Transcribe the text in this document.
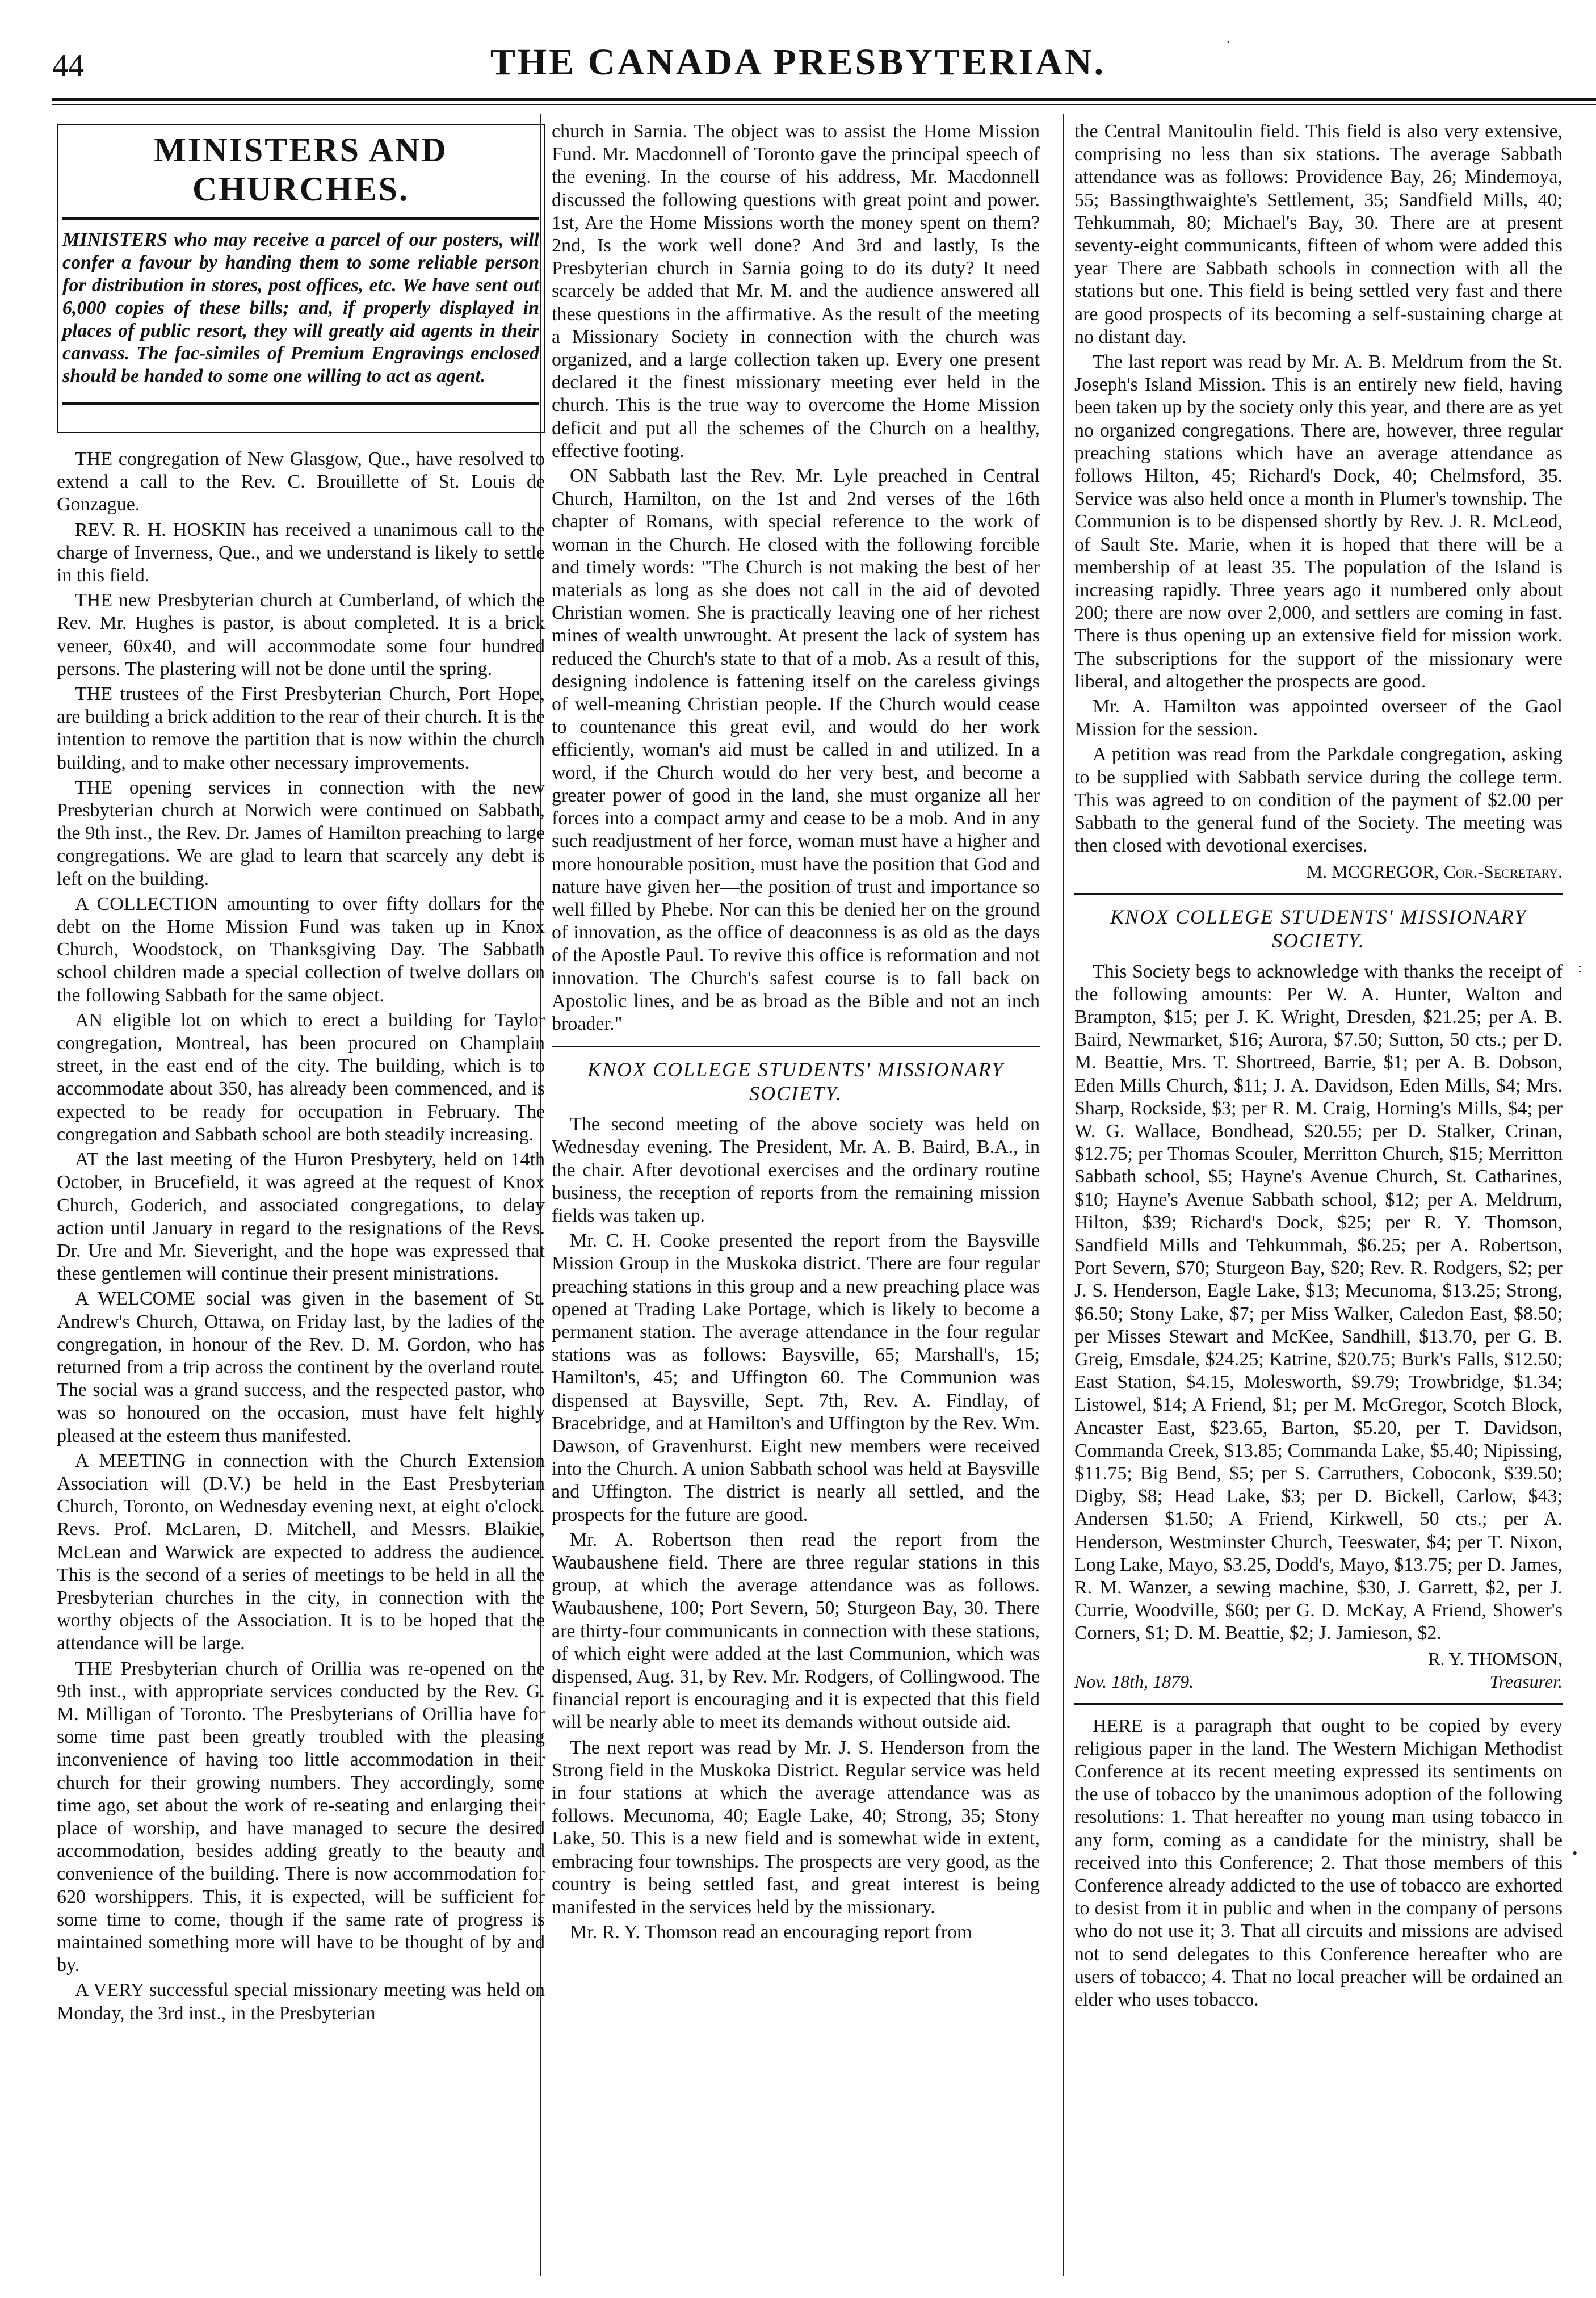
44	THE CANADA PRESBYTERIAN.
MINISTERS AND CHURCHES.
MINISTERS who may receive a parcel of our posters, will confer a favour by handing them to some reliable person for distribution in stores, post offices, etc. We have sent out 6,000 copies of these bills; and, if properly displayed in places of public resort, they will greatly aid agents in their canvass. The fac-similes of Premium Engravings enclosed should be handed to some one willing to act as agent.

THE congregation of New Glasgow, Que., have resolved to extend a call to the Rev. C. Brouillette of St. Louis de Gonzague.

REV. R. H. HOSKIN has received a unanimous call to the charge of Inverness, Que., and we understand is likely to settle in this field.

THE new Presbyterian church at Cumberland, of which the Rev. Mr. Hughes is pastor, is about completed. It is a brick veneer, 60x40, and will accommodate some four hundred persons. The plastering will not be done until the spring.

THE trustees of the First Presbyterian Church, Port Hope, are building a brick addition to the rear of their church. It is the intention to remove the partition that is now within the church building, and to make other necessary improvements.

THE opening services in connection with the new Presbyterian church at Norwich were continued on Sabbath, the 9th inst., the Rev. Dr. James of Hamilton preaching to large congregations. We are glad to learn that scarcely any debt is left on the building.

A COLLECTION amounting to over fifty dollars for the debt on the Home Mission Fund was taken up in Knox Church, Woodstock, on Thanksgiving Day. The Sabbath school children made a special collection of twelve dollars on the following Sabbath for the same object.

AN eligible lot on which to erect a building for Taylor congregation, Montreal, has been procured on Champlain street, in the east end of the city. The building, which is to accommodate about 350, has already been commenced, and is expected to be ready for occupation in February. The congregation and Sabbath school are both steadily increasing.

AT the last meeting of the Huron Presbytery, held on 14th October, in Brucefield, it was agreed at the request of Knox Church, Goderich, and associated congregations, to delay action until January in regard to the resignations of the Revs. Dr. Ure and Mr. Sieveright, and the hope was expressed that these gentlemen will continue their present ministrations.

A WELCOME social was given in the basement of St. Andrew's Church, Ottawa, on Friday last, by the ladies of the congregation, in honour of the Rev. D. M. Gordon, who has returned from a trip across the continent by the overland route. The social was a grand success, and the respected pastor, who was so honoured on the occasion, must have felt highly pleased at the esteem thus manifested.

A MEETING in connection with the Church Extension Association will (D.V.) be held in the East Presbyterian Church, Toronto, on Wednesday evening next, at eight o'clock. Revs. Prof. McLaren, D. Mitchell, and Messrs. Blaikie, McLean and Warwick are expected to address the audience. This is the second of a series of meetings to be held in all the Presbyterian churches in the city, in connection with the worthy objects of the Association. It is to be hoped that the attendance will be large.

THE Presbyterian church of Orillia was re-opened on the 9th inst., with appropriate services conducted by the Rev. G. M. Milligan of Toronto. The Presbyterians of Orillia have for some time past been greatly troubled with the pleasing inconvenience of having too little accommodation in their church for their growing numbers. They accordingly, some time ago, set about the work of re-seating and enlarging their place of worship, and have managed to secure the desired accommodation, besides adding greatly to the beauty and convenience of the building. There is now accommodation for 620 worshippers. This, it is expected, will be sufficient for some time to come, though if the same rate of progress is maintained something more will have to be thought of by and by.

A VERY successful special missionary meeting was held on Monday, the 3rd inst., in the Presbyterian

church in Sarnia. The object was to assist the Home Mission Fund. Mr. Macdonnell of Toronto gave the principal speech of the evening. In the course of his address, Mr. Macdonnell discussed the following questions with great point and power. 1st, Are the Home Missions worth the money spent on them? 2nd, Is the work well done? And 3rd and lastly, Is the Presbyterian church in Sarnia going to do its duty? It need scarcely be added that Mr. M. and the audience answered all these questions in the affirmative. As the result of the meeting a Missionary Society in connection with the church was organized, and a large collection taken up. Every one present declared it the finest missionary meeting ever held in the church. This is the true way to overcome the Home Mission deficit and put all the schemes of the Church on a healthy, effective footing.

ON Sabbath last the Rev. Mr. Lyle preached in Central Church, Hamilton, on the 1st and 2nd verses of the 16th chapter of Romans, with special reference to the work of woman in the Church. He closed with the following forcible and timely words: "The Church is not making the best of her materials as long as she does not call in the aid of devoted Christian women. She is practically leaving one of her richest mines of wealth unwrought. At present the lack of system has reduced the Church's state to that of a mob. As a result of this, designing indolence is fattening itself on the careless givings of well-meaning Christian people. If the Church would cease to countenance this great evil, and would do her work efficiently, woman's aid must be called in and utilized. In a word, if the Church would do her very best, and become a greater power of good in the land, she must organize all her forces into a compact army and cease to be a mob. And in any such readjustment of her force, woman must have a higher and more honourable position, must have the position that God and nature have given her—the position of trust and importance so well filled by Phebe. Nor can this be denied her on the ground of innovation, as the office of deaconness is as old as the days of the Apostle Paul. To revive this office is reformation and not innovation. The Church's safest course is to fall back on Apostolic lines, and be as broad as the Bible and not an inch broader."

KNOX COLLEGE STUDENTS' MISSIONARY SOCIETY.

The second meeting of the above society was held on Wednesday evening. The President, Mr. A. B. Baird, B.A., in the chair. After devotional exercises and the ordinary routine business, the reception of reports from the remaining mission fields was taken up.

Mr. C. H. Cooke presented the report from the Baysville Mission Group in the Muskoka district. There are four regular preaching stations in this group and a new preaching place was opened at Trading Lake Portage, which is likely to become a permanent station. The average attendance in the four regular stations was as follows: Baysville, 65; Marshall's, 15; Hamilton's, 45; and Uffington 60. The Communion was dispensed at Baysville, Sept. 7th, Rev. A. Findlay, of Bracebridge, and at Hamilton's and Uffington by the Rev. Wm. Dawson, of Gravenhurst. Eight new members were received into the Church. A union Sabbath school was held at Baysville and Uffington. The district is nearly all settled, and the prospects for the future are good.

Mr. A. Robertson then read the report from the Waubaushene field. There are three regular stations in this group, at which the average attendance was as follows. Waubaushene, 100; Port Severn, 50; Sturgeon Bay, 30. There are thirty-four communicants in connection with these stations, of which eight were added at the last Communion, which was dispensed, Aug. 31, by Rev. Mr. Rodgers, of Collingwood. The financial report is encouraging and it is expected that this field will be nearly able to meet its demands without outside aid.

The next report was read by Mr. J. S. Henderson from the Strong field in the Muskoka District. Regular service was held in four stations at which the average attendance was as follows. Mecunoma, 40; Eagle Lake, 40; Strong, 35; Stony Lake, 50. This is a new field and is somewhat wide in extent, embracing four townships. The prospects are very good, as the country is being settled fast, and great interest is being manifested in the services held by the missionary.

Mr. R. Y. Thomson read an encouraging report from

the Central Manitoulin field. This field is also very extensive, comprising no less than six stations. The average Sabbath attendance was as follows: Providence Bay, 26; Mindemoya, 55; Bassingthwaighte's Settlement, 35; Sandfield Mills, 40; Tehkummah, 80; Michael's Bay, 30. There are at present seventy-eight communicants, fifteen of whom were added this year There are Sabbath schools in connection with all the stations but one. This field is being settled very fast and there are good prospects of its becoming a self-sustaining charge at no distant day.

The last report was read by Mr. A. B. Meldrum from the St. Joseph's Island Mission. This is an entirely new field, having been taken up by the society only this year, and there are as yet no organized congregations. There are, however, three regular preaching stations which have an average attendance as follows Hilton, 45; Richard's Dock, 40; Chelmsford, 35. Service was also held once a month in Plumer's township. The Communion is to be dispensed shortly by Rev. J. R. McLeod, of Sault Ste. Marie, when it is hoped that there will be a membership of at least 35. The population of the Island is increasing rapidly. Three years ago it numbered only about 200; there are now over 2,000, and settlers are coming in fast. There is thus opening up an extensive field for mission work. The subscriptions for the support of the missionary were liberal, and altogether the prospects are good.

Mr. A. Hamilton was appointed overseer of the Gaol Mission for the session.

A petition was read from the Parkdale congregation, asking to be supplied with Sabbath service during the college term. This was agreed to on condition of the payment of $2.00 per Sabbath to the general fund of the Society. The meeting was then closed with devotional exercises.

M. MCGREGOR, Cor.-Secretary.
KNOX COLLEGE STUDENTS' MISSIONARY SOCIETY.

This Society begs to acknowledge with thanks the receipt of the following amounts: Per W. A. Hunter, Walton and Brampton, $15; per J. K. Wright, Dresden, $21.25; per A. B. Baird, Newmarket, $16; Aurora, $7.50; Sutton, 50 cts.; per D. M. Beattie, Mrs. T. Shortreed, Barrie, $1; per A. B. Dobson, Eden Mills Church, $11; J. A. Davidson, Eden Mills, $4; Mrs. Sharp, Rockside, $3; per R. M. Craig, Horning's Mills, $4; per W. G. Wallace, Bondhead, $20.55; per D. Stalker, Crinan, $12.75; per Thomas Scouler, Merritton Church, $15; Merritton Sabbath school, $5; Hayne's Avenue Church, St. Catharines, $10; Hayne's Avenue Sabbath school, $12; per A. Meldrum, Hilton, $39; Richard's Dock, $25; per R. Y. Thomson, Sandfield Mills and Tehkummah, $6.25; per A. Robertson, Port Severn, $70; Sturgeon Bay, $20; Rev. R. Rodgers, $2; per J. S. Henderson, Eagle Lake, $13; Mecunoma, $13.25; Strong, $6.50; Stony Lake, $7; per Miss Walker, Caledon East, $8.50; per Misses Stewart and McKee, Sandhill, $13.70, per G. B. Greig, Emsdale, $24.25; Katrine, $20.75; Burk's Falls, $12.50; East Station, $4.15, Molesworth, $9.79; Trowbridge, $1.34; Listowel, $14; A Friend, $1; per M. McGregor, Scotch Block, Ancaster East, $23.65, Barton, $5.20, per T. Davidson, Commanda Creek, $13.85; Commanda Lake, $5.40; Nipissing, $11.75; Big Bend, $5; per S. Carruthers, Coboconk, $39.50; Digby, $8; Head Lake, $3; per D. Bickell, Carlow, $43; Andersen $1.50; A Friend, Kirkwell, 50 cts.; per A. Henderson, Westminster Church, Teeswater, $4; per T. Nixon, Long Lake, Mayo, $3.25, Dodd's, Mayo, $13.75; per D. James, R. M. Wanzer, a sewing machine, $30, J. Garrett, $2, per J. Currie, Woodville, $60; per G. D. McKay, A Friend, Shower's Corners, $1; D. M. Beattie, $2; J. Jamieson, $2.

R. Y. THOMSON,
Nov. 18th, 1879.	Treasurer.

HERE is a paragraph that ought to be copied by every religious paper in the land. The Western Michigan Methodist Conference at its recent meeting expressed its sentiments on the use of tobacco by the unanimous adoption of the following resolutions: 1. That hereafter no young man using tobacco in any form, coming as a candidate for the ministry, shall be received into this Conference; 2. That those members of this Conference already addicted to the use of tobacco are exhorted to desist from it in public and when in the company of persons who do not use it; 3. That all circuits and missions are advised not to send delegates to this Conference hereafter who are users of tobacco; 4. That no local preacher will be ordained an elder who uses tobacco.

·
:
•
